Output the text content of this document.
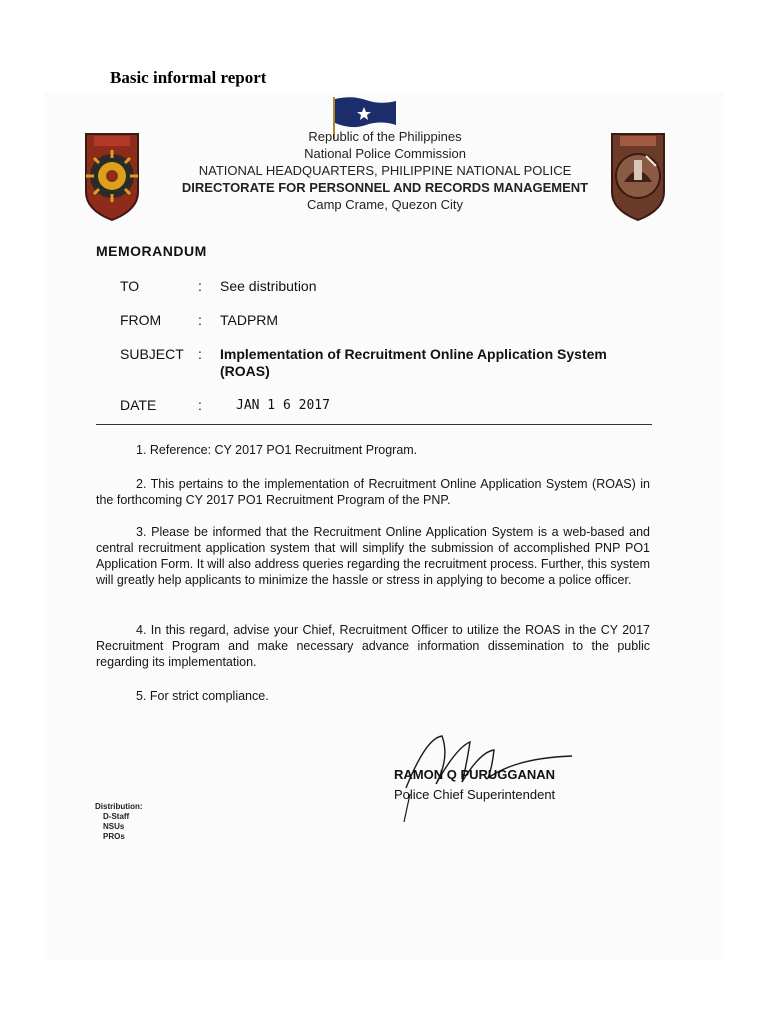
Basic informal report
Republic of the Philippines
National Police Commission
NATIONAL HEADQUARTERS, PHILIPPINE NATIONAL POLICE
DIRECTORATE FOR PERSONNEL AND RECORDS MANAGEMENT
Camp Crame, Quezon City
MEMORANDUM
TO	: See distribution
FROM	: TADPRM
SUBJECT	: Implementation of Recruitment Online Application System (ROAS)
DATE	:	JAN 1 6 2017
1. Reference: CY 2017 PO1 Recruitment Program.
2. This pertains to the implementation of Recruitment Online Application System (ROAS) in the forthcoming CY 2017 PO1 Recruitment Program of the PNP.
3. Please be informed that the Recruitment Online Application System is a web-based and central recruitment application system that will simplify the submission of accomplished PNP PO1 Application Form. It will also address queries regarding the recruitment process. Further, this system will greatly help applicants to minimize the hassle or stress in applying to become a police officer.
4. In this regard, advise your Chief, Recruitment Officer to utilize the ROAS in the CY 2017 Recruitment Program and make necessary advance information dissemination to the public regarding its implementation.
5. For strict compliance.
RAMON Q PURUGGANAN
Police Chief Superintendent
Distribution:
D-Staff
NSUs
PROs
